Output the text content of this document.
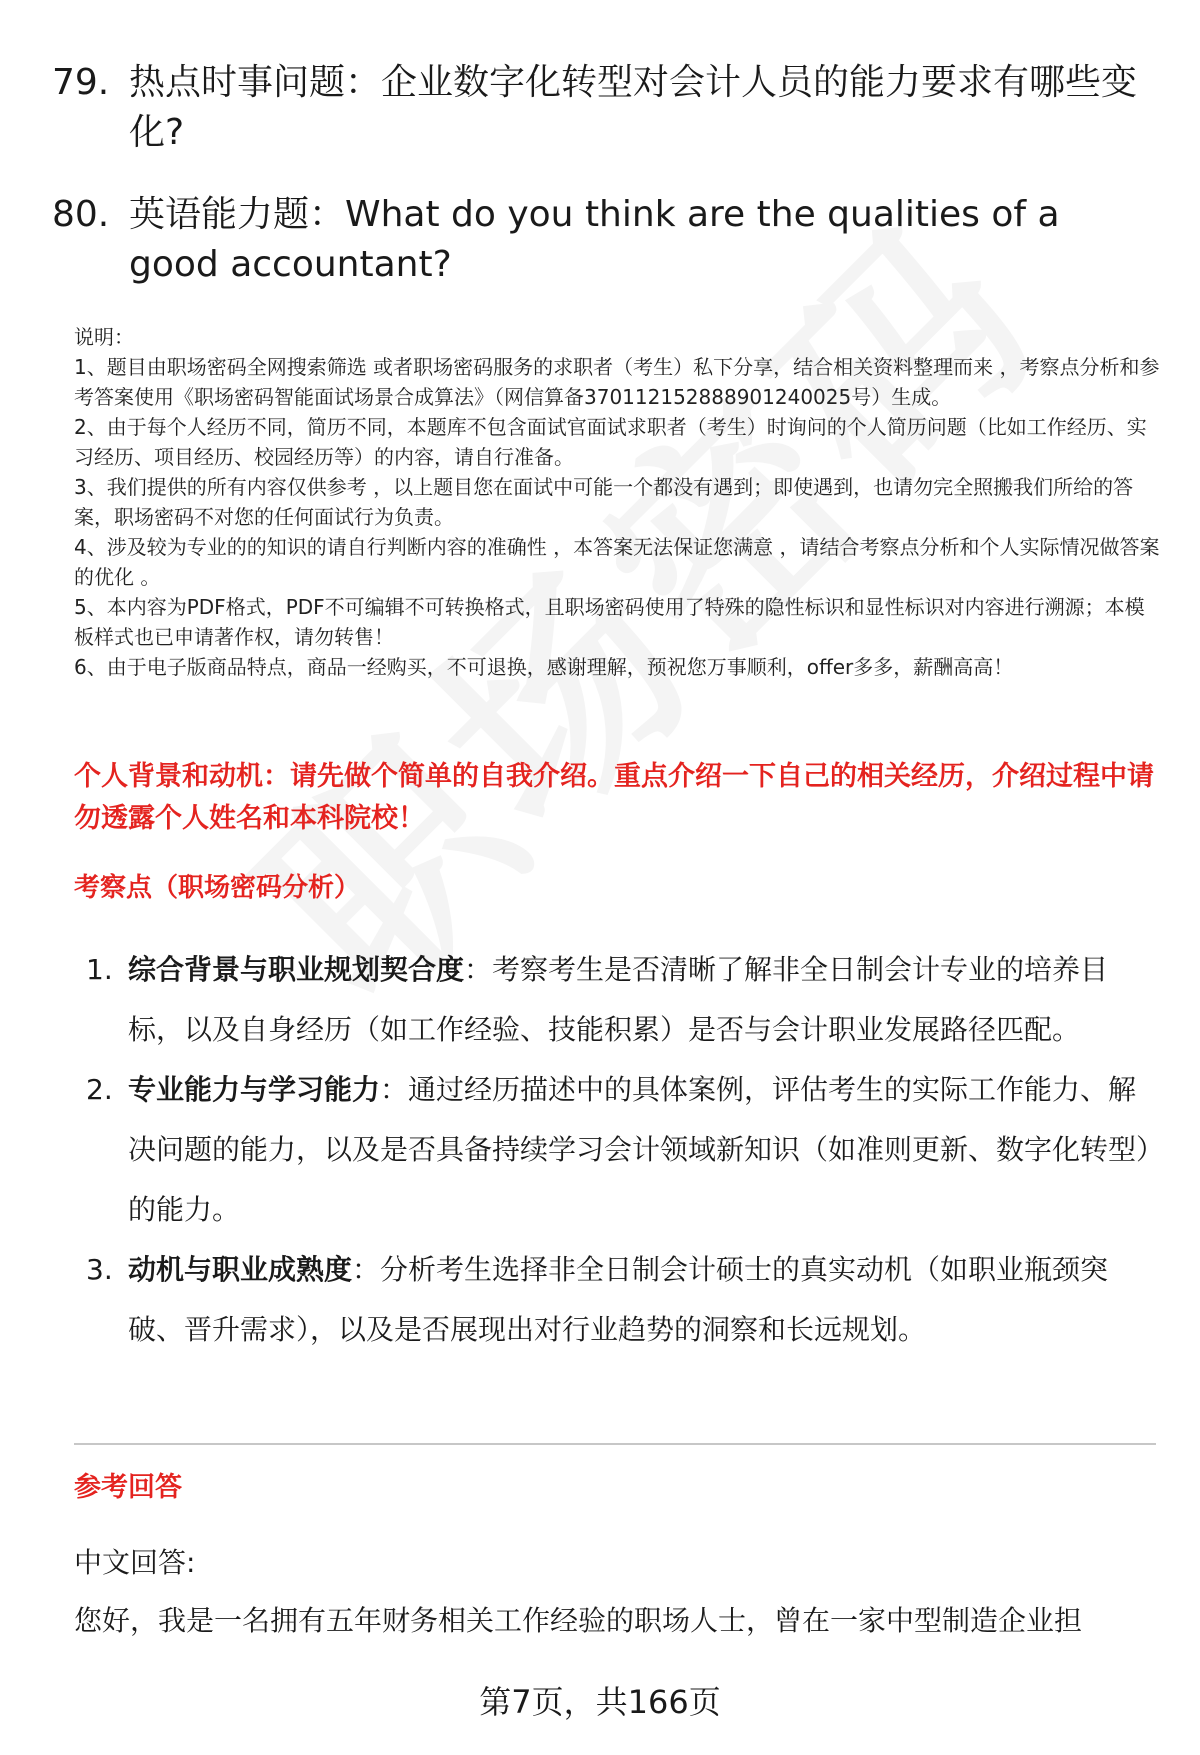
79. 热点时事问题：企业数字化转型对会计人员的能力要求有哪些变化?
80. 英语能力题：What do you think are the qualities of a good accountant?

说明：

1、题目由职场密码全网搜索筛选 或者职场密码服务的求职者（考生）私下分享，结合相关资料整理而来 ，考察点分析和参考答案使用《职场密码智能面试场景合成算法》（网信算备370112152888901240025号）生成。

2、由于每个人经历不同，简历不同，本题库不包含面试官面试求职者（考生）时询问的个人简历问题（比如工作经历、实习经历、项目经历、校园经历等）的内容，请自行准备。

3、我们提供的所有内容仅供参考 ，以上题目您在面试中可能一个都没有遇到；即使遇到，也请勿完全照搬我们所给的答案，职场密码不对您的任何面试行为负责。

4、涉及较为专业的的知识的请自行判断内容的准确性 ，本答案无法保证您满意 ，请结合考察点分析和个人实际情况做答案的优化 。

5、本内容为PDF格式，PDF不可编辑不可转换格式，且职场密码使用了特殊的隐性标识和显性标识对内容进行溯源；本模板样式也已申请著作权，请勿转售！

6、由于电子版商品特点，商品一经购买，不可退换，感谢理解，预祝您万事顺利，offer多多，薪酬高高！

个人背景和动机：请先做个简单的自我介绍。重点介绍一下自己的相关经历，介绍过程中请勿透露个人姓名和本科院校！
考察点（职场密码分析）
1. 综合背景与职业规划契合度：考察考生是否清晰了解非全日制会计专业的培养目标，以及自身经历（如工作经验、技能积累）是否与会计职业发展路径匹配。
2. 专业能力与学习能力：通过经历描述中的具体案例，评估考生的实际工作能力、解决问题的能力，以及是否具备持续学习会计领域新知识（如准则更新、数字化转型）的能力。
3. 动机与职业成熟度：分析考生选择非全日制会计硕士的真实动机（如职业瓶颈突破、晋升需求），以及是否展现出对行业趋势的洞察和长远规划。
参考回答
中文回答:
您好，我是一名拥有五年财务相关工作经验的职场人士，曾在一家中型制造企业担
第7页，共166页
